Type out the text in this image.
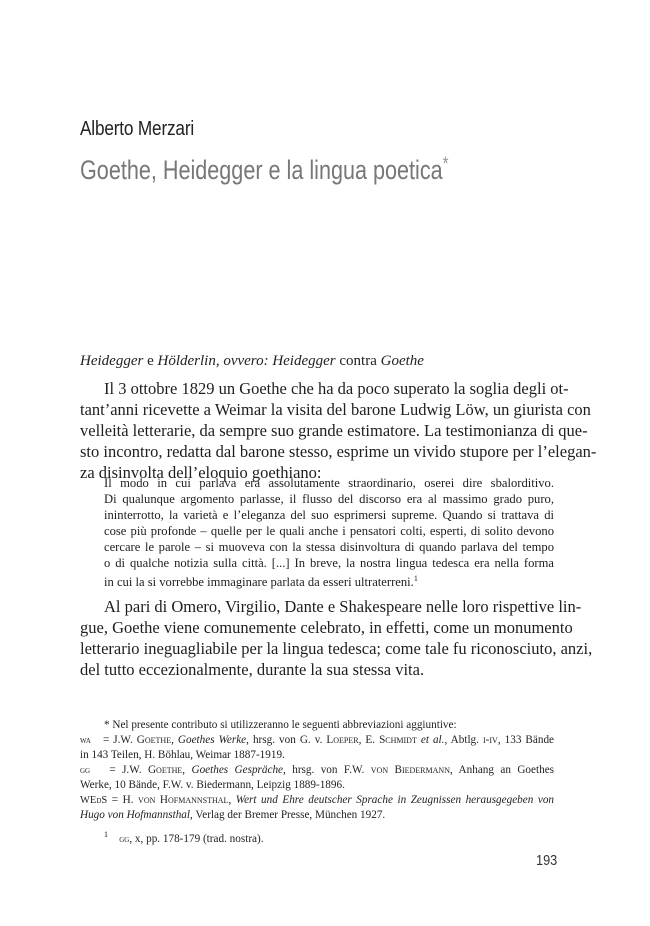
Alberto Merzari
Goethe, Heidegger e la lingua poetica*
Heidegger e Hölderlin, ovvero: Heidegger contra Goethe
Il 3 ottobre 1829 un Goethe che ha da poco superato la soglia degli ot-
tant’anni ricevette a Weimar la visita del barone Ludwig Löw, un giurista con
velleità letterarie, da sempre suo grande estimatore. La testimonianza di que-
sto incontro, redatta dal barone stesso, esprime un vivido stupore per l’elegan-
za disinvolta dell’eloquio goethiano:
Il modo in cui parlava era assolutamente straordinario, oserei dire sbalorditivo.
Di qualunque argomento parlasse, il flusso del discorso era al massimo grado puro,
ininterrotto, la varietà e l’eleganza del suo esprimersi supreme. Quando si trattava di
cose più profonde – quelle per le quali anche i pensatori colti, esperti, di solito devono
cercare le parole – si muoveva con la stessa disinvoltura di quando parlava del tempo
o di qualche notizia sulla città. [...] In breve, la nostra lingua tedesca era nella forma
in cui la si vorrebbe immaginare parlata da esseri ultraterreni.$^1$
Al pari di Omero, Virgilio, Dante e Shakespeare nelle loro rispettive lin-
gue, Goethe viene comunemente celebrato, in effetti, come un monumento
letterario ineguagliabile per la lingua tedesca; come tale fu riconosciuto, anzi,
del tutto eccezionalmente, durante la sua stessa vita.
* Nel presente contributo si utilizzeranno le seguenti abbreviazioni aggiuntive:
wa   = J.W. Goethe, Goethes Werke, hrsg. von G. v. Loeper, E. Schmidt et al., Abtlg. i-iv, 133 Bände
in 143 Teilen, H. Böhlau, Weimar 1887-1919.
gg   = J.W. Goethe, Goethes Gespräche, hrsg. von F.W. von Biedermann, Anhang an Goethes
Werke, 10 Bände, F.W. v. Biedermann, Leipzig 1889-1896.
WEdS = H. von Hofmannsthal, Wert und Ehre deutscher Sprache in Zeugnissen herausgegeben von
Hugo von Hofmannsthal, Verlag der Bremer Presse, München 1927.
$^1$ gg, x, pp. 178-179 (trad. nostra).
193
